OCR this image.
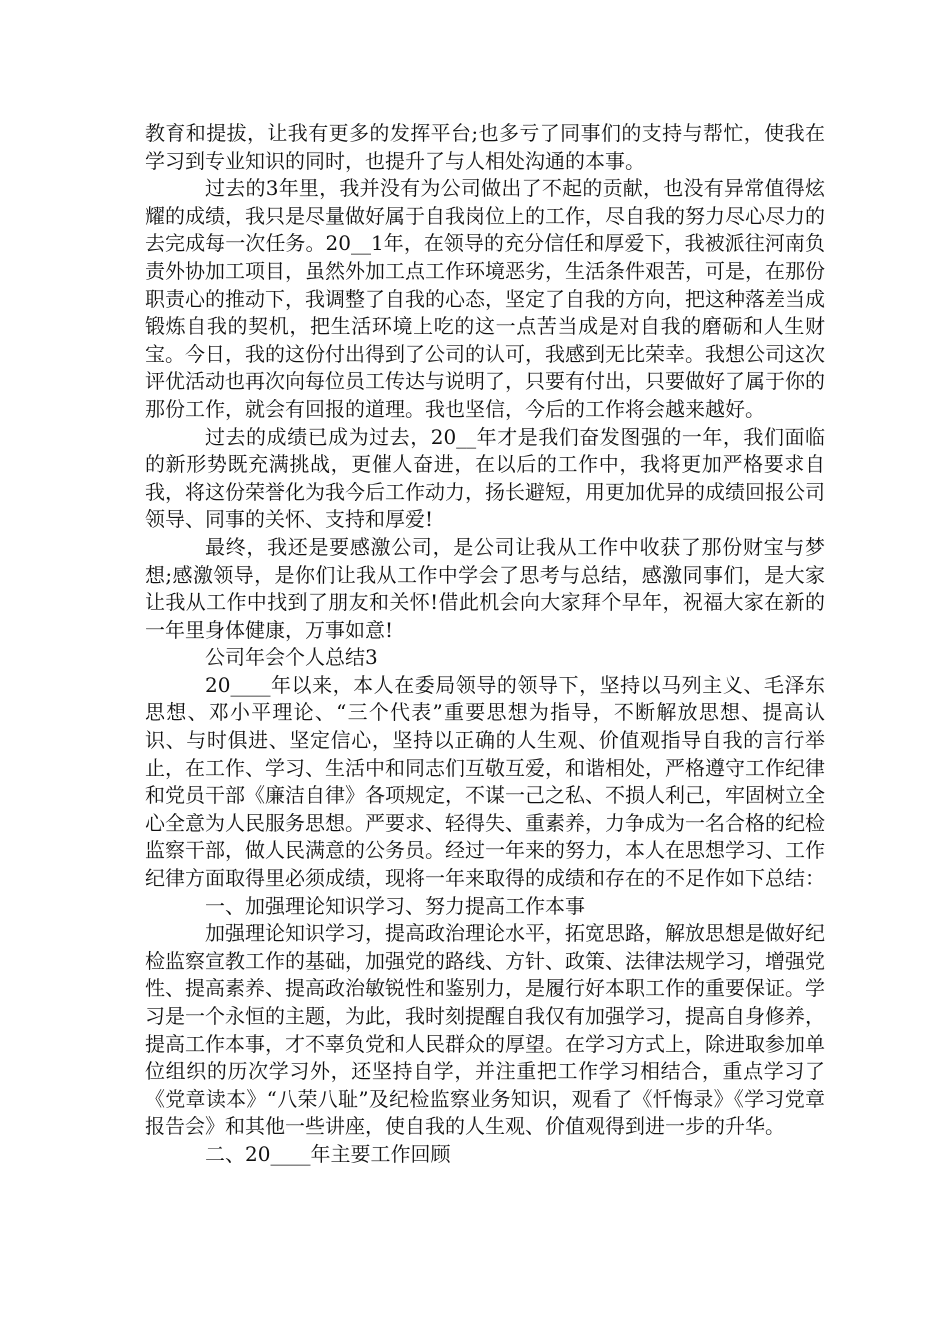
教育和提拔，让我有更多的发挥平台;也多亏了同事们的支持与帮忙，使我在学习到专业知识的同时，也提升了与人相处沟通的本事。

过去的3年里，我并没有为公司做出了不起的贡献，也没有异常值得炫耀的成绩，我只是尽量做好属于自我岗位上的工作，尽自我的努力尽心尽力的去完成每一次任务。20__1年，在领导的充分信任和厚爱下，我被派往河南负责外协加工项目，虽然外加工点工作环境恶劣，生活条件艰苦，可是，在那份职责心的推动下，我调整了自我的心态，坚定了自我的方向，把这种落差当成锻炼自我的契机，把生活环境上吃的这一点苦当成是对自我的磨砺和人生财宝。今日，我的这份付出得到了公司的认可，我感到无比荣幸。我想公司这次评优活动也再次向每位员工传达与说明了，只要有付出，只要做好了属于你的那份工作，就会有回报的道理。我也坚信，今后的工作将会越来越好。

过去的成绩已成为过去，20__年才是我们奋发图强的一年，我们面临的新形势既充满挑战，更催人奋进，在以后的工作中，我将更加严格要求自我，将这份荣誉化为我今后工作动力，扬长避短，用更加优异的成绩回报公司领导、同事的关怀、支持和厚爱!

最终，我还是要感激公司，是公司让我从工作中收获了那份财宝与梦想;感激领导，是你们让我从工作中学会了思考与总结，感激同事们，是大家让我从工作中找到了朋友和关怀!借此机会向大家拜个早年，祝福大家在新的一年里身体健康，万事如意!

公司年会个人总结3

20____年以来，本人在委局领导的领导下，坚持以马列主义、毛泽东思想、邓小平理论、“三个代表”重要思想为指导，不断解放思想、提高认识、与时俱进、坚定信心，坚持以正确的人生观、价值观指导自我的言行举止，在工作、学习、生活中和同志们互敬互爱，和谐相处，严格遵守工作纪律和党员干部《廉洁自律》各项规定，不谋一己之私、不损人利己，牢固树立全心全意为人民服务思想。严要求、轻得失、重素养，力争成为一名合格的纪检监察干部，做人民满意的公务员。经过一年来的努力，本人在思想学习、工作纪律方面取得里必须成绩，现将一年来取得的成绩和存在的不足作如下总结：

一、加强理论知识学习、努力提高工作本事

加强理论知识学习，提高政治理论水平，拓宽思路，解放思想是做好纪检监察宣教工作的基础，加强党的路线、方针、政策、法律法规学习，增强党性、提高素养、提高政治敏锐性和鉴别力，是履行好本职工作的重要保证。学习是一个永恒的主题，为此，我时刻提醒自我仅有加强学习，提高自身修养，提高工作本事，才不辜负党和人民群众的厚望。在学习方式上，除进取参加单位组织的历次学习外，还坚持自学，并注重把工作学习相结合，重点学习了《党章读本》“八荣八耻”及纪检监察业务知识，观看了《忏悔录》《学习党章报告会》和其他一些讲座，使自我的人生观、价值观得到进一步的升华。

二、20____年主要工作回顾
